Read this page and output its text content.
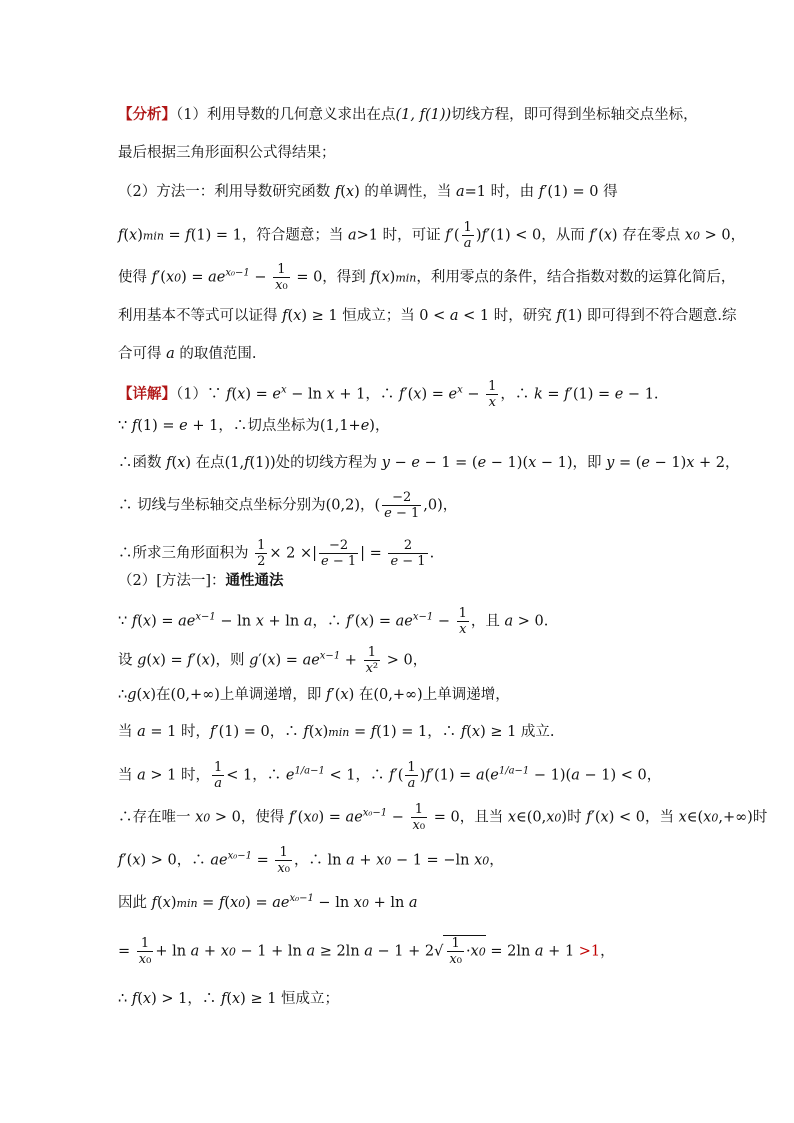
【分析】（1）利用导数的几何意义求出在点(1, f(1))切线方程，即可得到坐标轴交点坐标，
最后根据三角形面积公式得结果；
（2）方法一：利用导数研究函数 f(x) 的单调性，当 a=1 时，由 f′(1) = 0 得
f(x)min = f(1) = 1，符合题意；当 a>1 时，可证 $f'( \frac{1}{a} )f'(1) < 0$，从而 f′(x) 存在零点 x0 > 0，
使得 $f'(x0) = ae^{x_0-1} - \frac{1}{\text{x₀}} = 0$，得到 f(x)min，利用零点的条件，结合指数对数的运算化简后，
利用基本不等式可以证得 f(x) ≥ 1 恒成立；当 0 < a < 1 时，研究 f(1) 即可得到不符合题意.综
合可得 a 的取值范围.
【详解】（1）∵ $f(x) = e^x - \ln x + 1$，∴ $f'(x) = e^x - \frac{1}{x}$ ，∴ k = f′(1) = e − 1.
∵ f(1) = e + 1，∴切点坐标为(1,1+e)，
∴函数 f(x) 在点(1,f(1))处的切线方程为 y − e − 1 = (e − 1)(x − 1)，即 y = (e − 1)x + 2，
∴ 切线与坐标轴交点坐标分别为(0,2)，( $\frac{-2}{e - 1} ,0$)，
∴所求三角形面积为 $\frac{1}{2} \times 2$ ×| $\frac{-2}{e - 1}$ | = $\frac{2}{e - 1}$ .
（2）[方法一]：通性通法
∵ $f(x) = ae^{x-1} - \ln x + \ln a$，∴ $f'(x) = ae^{x-1} - \frac{1}{x}$ ，且 a > 0.
设 g(x) = f′(x)，则 $g'(x) = ae^{x-1} + \frac{1}{\text{x²}} > 0$，
∴g(x)在(0,+∞)上单调递增，即 f′(x) 在(0,+∞)上单调递增，
当 a = 1 时，f′(1) = 0，∴ f(x)min = f(1) = 1，∴ f(x) ≥ 1 成立.
当 a > 1 时， $\frac{1}{a} < 1$，∴ $e^{1/a-1} < 1$，∴ $f'( \frac{1}{a} )f'(1) = a(e^{1/a-1} - 1)(a - 1) < 0$，
∴存在唯一 x0 > 0，使得 $f'(x0) = ae^{x_0-1} - \frac{1}{\text{x₀}} = 0$，且当 x∈(0,x0)时 f′(x) < 0，当 x∈(x0,+∞)时
f′(x) > 0，∴ $ae^{x_0-1} = \frac{1}{\text{x₀}}$ ，∴ ln a + x0 − 1 = −ln x0，
因此 $f(x)\min = f(x0) = ae^{x_0-1} - \ln x0 + \ln a$
= $\frac{1}{\text{x₀}} + \ln a + x0 - 1 + \ln a \ge 2\ln$ $a - 1 + 2√ \frac{1}{\text{x₀}} \cdot x0 = 2\ln$ a + 1 >1，
∴ f(x) > 1，∴ f(x) ≥ 1 恒成立；
